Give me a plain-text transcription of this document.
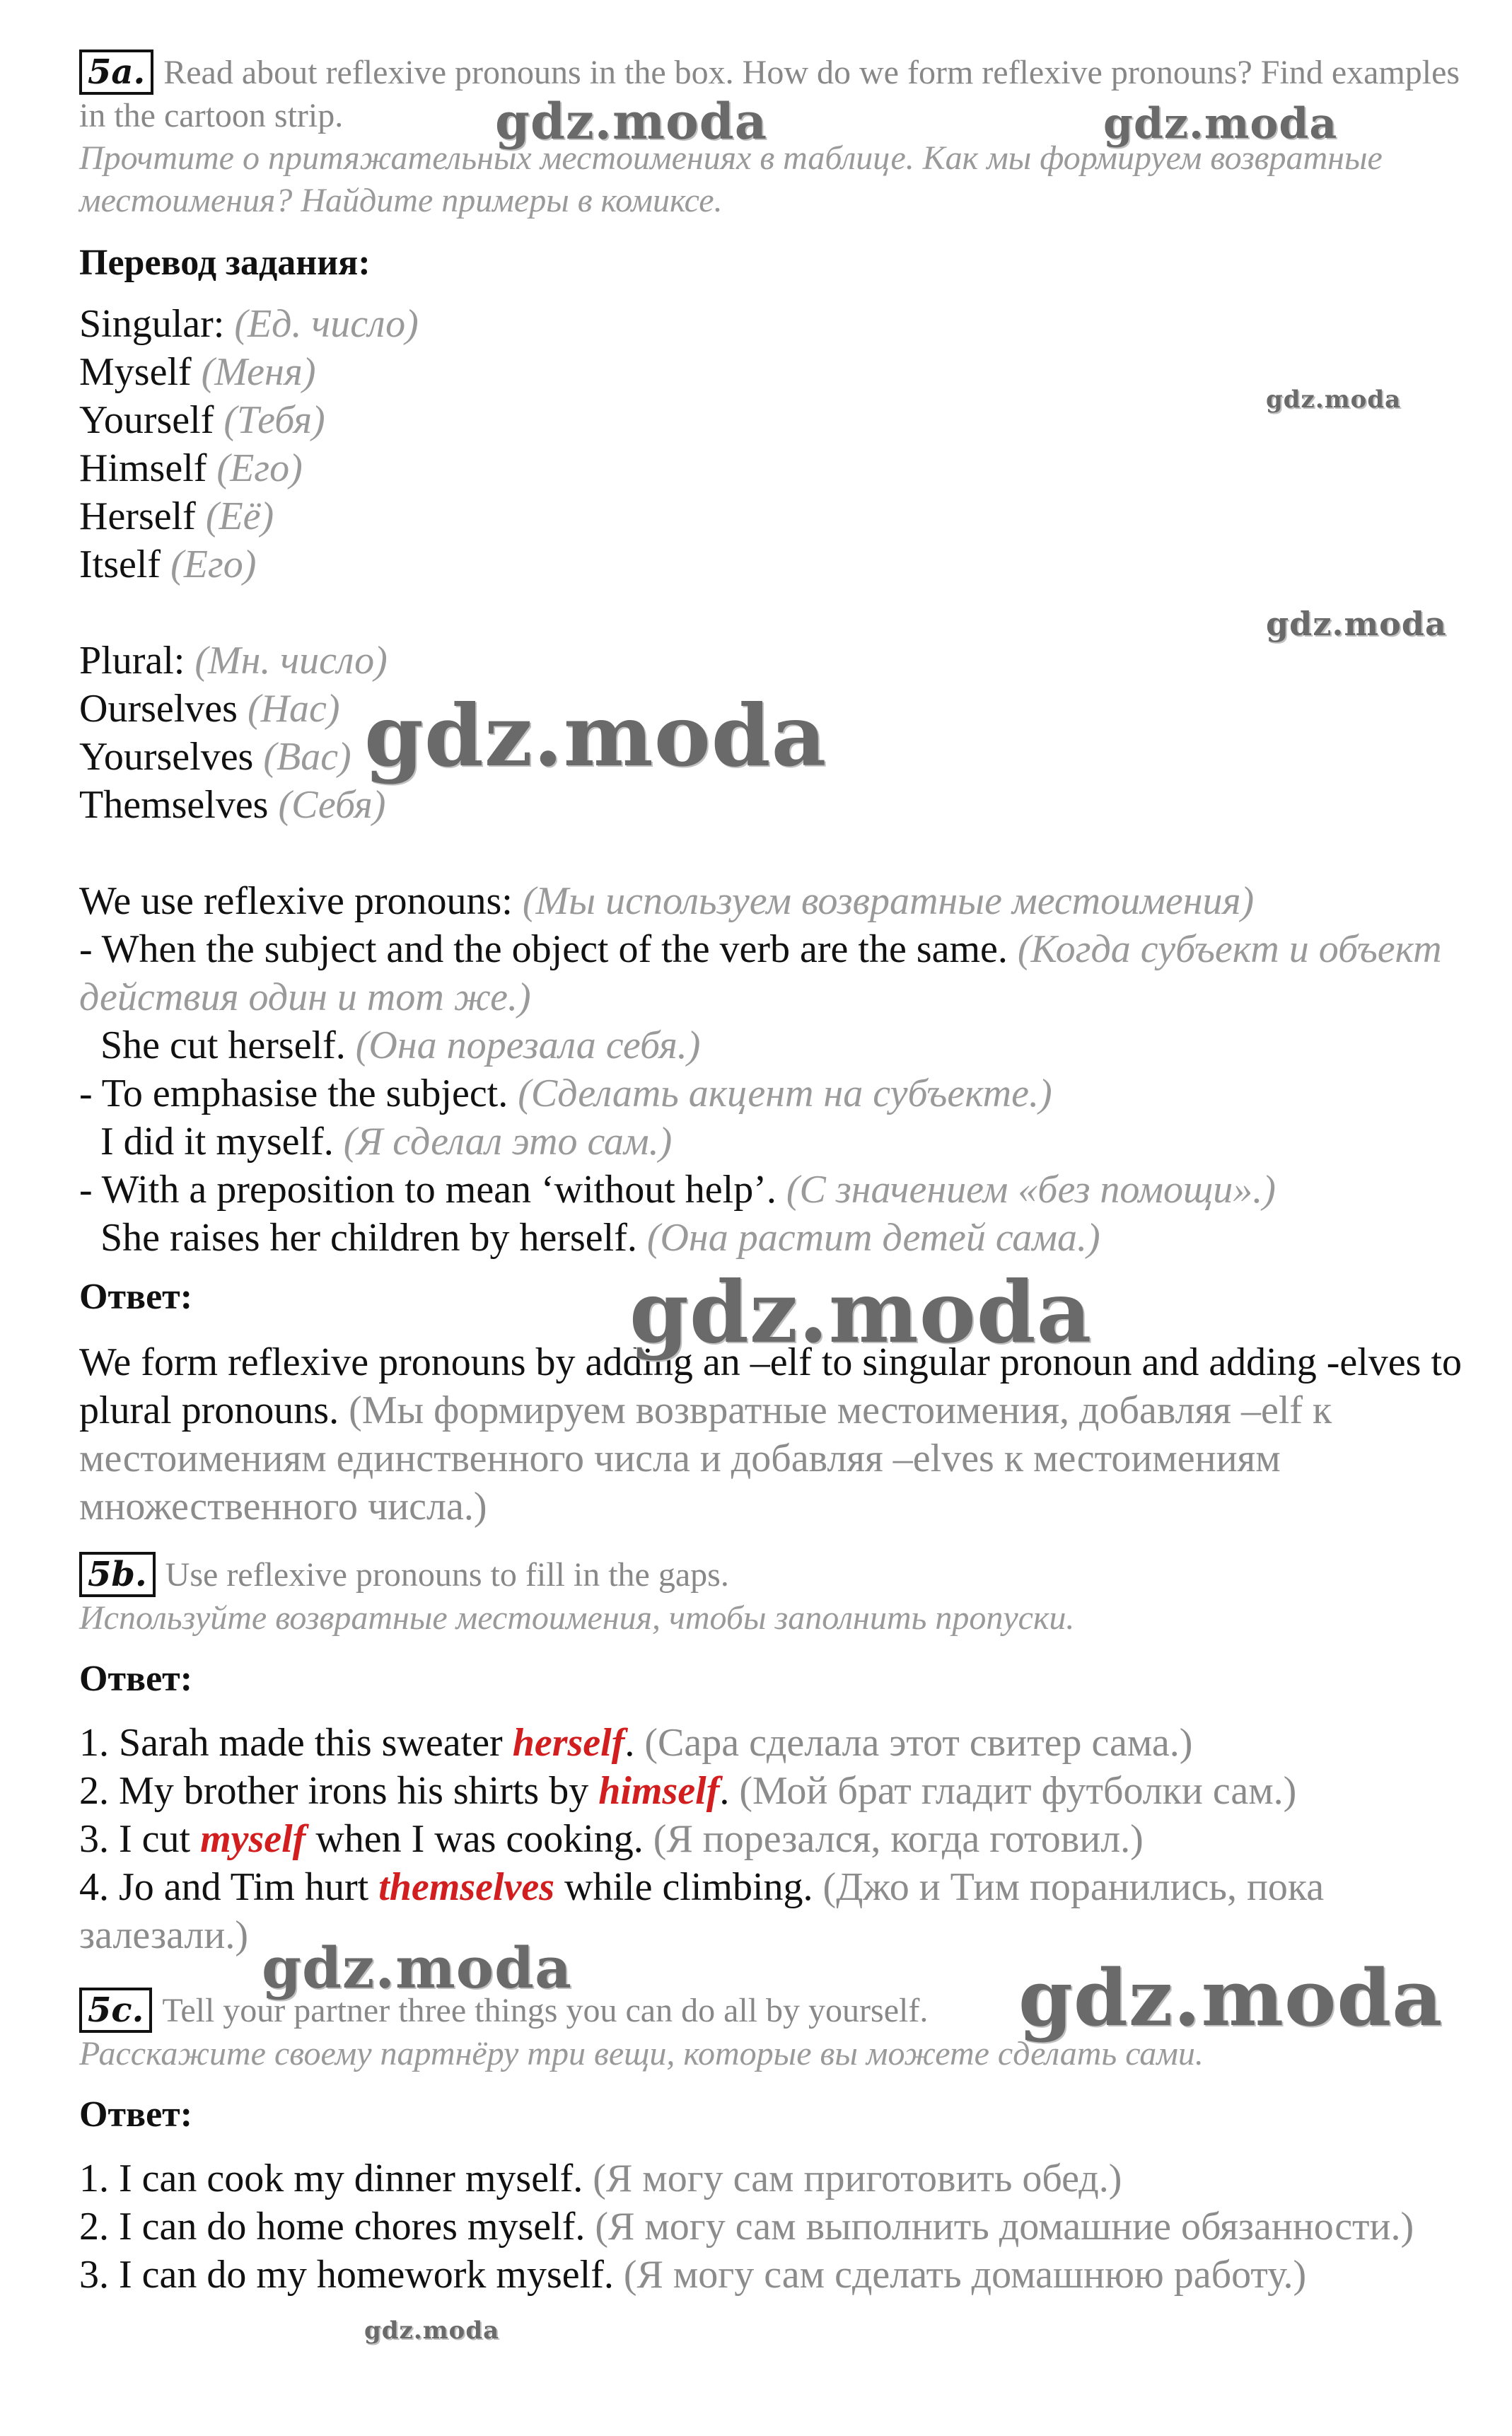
5a. Read about reflexive pronouns in the box. How do we form reflexive pronouns? Find examples in the cartoon strip.

Прочтите о притяжательных местоимениях в таблице. Как мы формируем возвратные местоимения? Найдите примеры в комиксе.

Перевод задания:

Singular: (Ед. число)

Myself (Меня)

Yourself (Тебя)

Himself (Его)

Herself (Её)

Itself (Его)

Plural: (Мн. число)

Ourselves (Нас)

Yourselves (Вас)

Themselves (Себя)

We use reflexive pronouns: (Мы используем возвратные местоимения)

- When the subject and the object of the verb are the same. (Когда субъект и объект действия один и тот же.)

She cut herself. (Она порезала себя.)

- To emphasise the subject. (Сделать акцент на субъекте.)

I did it myself. (Я сделал это сам.)

- With a preposition to mean ‘without help’. (С значением «без помощи».)

She raises her children by herself. (Она растит детей сама.)

Ответ:

We form reflexive pronouns by adding an –elf to singular pronoun and adding -elves to plural pronouns. (Мы формируем возвратные местоимения, добавляя –elf к местоимениям единственного числа и добавляя –elves к местоимениям множественного числа.)

5b. Use reflexive pronouns to fill in the gaps.

Используйте возвратные местоимения, чтобы заполнить пропуски.

Ответ:

1. Sarah made this sweater herself. (Сара сделала этот свитер сама.)

2. My brother irons his shirts by himself. (Мой брат гладит футболки сам.)

3. I cut myself when I was cooking. (Я порезался, когда готовил.)

4. Jo and Tim hurt themselves while climbing. (Джо и Тим поранились, пока залезали.)

5c. Tell your partner three things you can do all by yourself.

Расскажите своему партнёру три вещи, которые вы можете сделать сами.

Ответ:

1. I can cook my dinner myself. (Я могу сам приготовить обед.)

2. I can do home chores myself. (Я могу сам выполнить домашние обязанности.)

3. I can do my homework myself. (Я могу сам сделать домашнюю работу.)

gdz.moda	gdz.moda
gdz.moda
gdz.moda
gdz.moda
gdz.moda
gdz.moda	gdz.moda
gdz.moda
